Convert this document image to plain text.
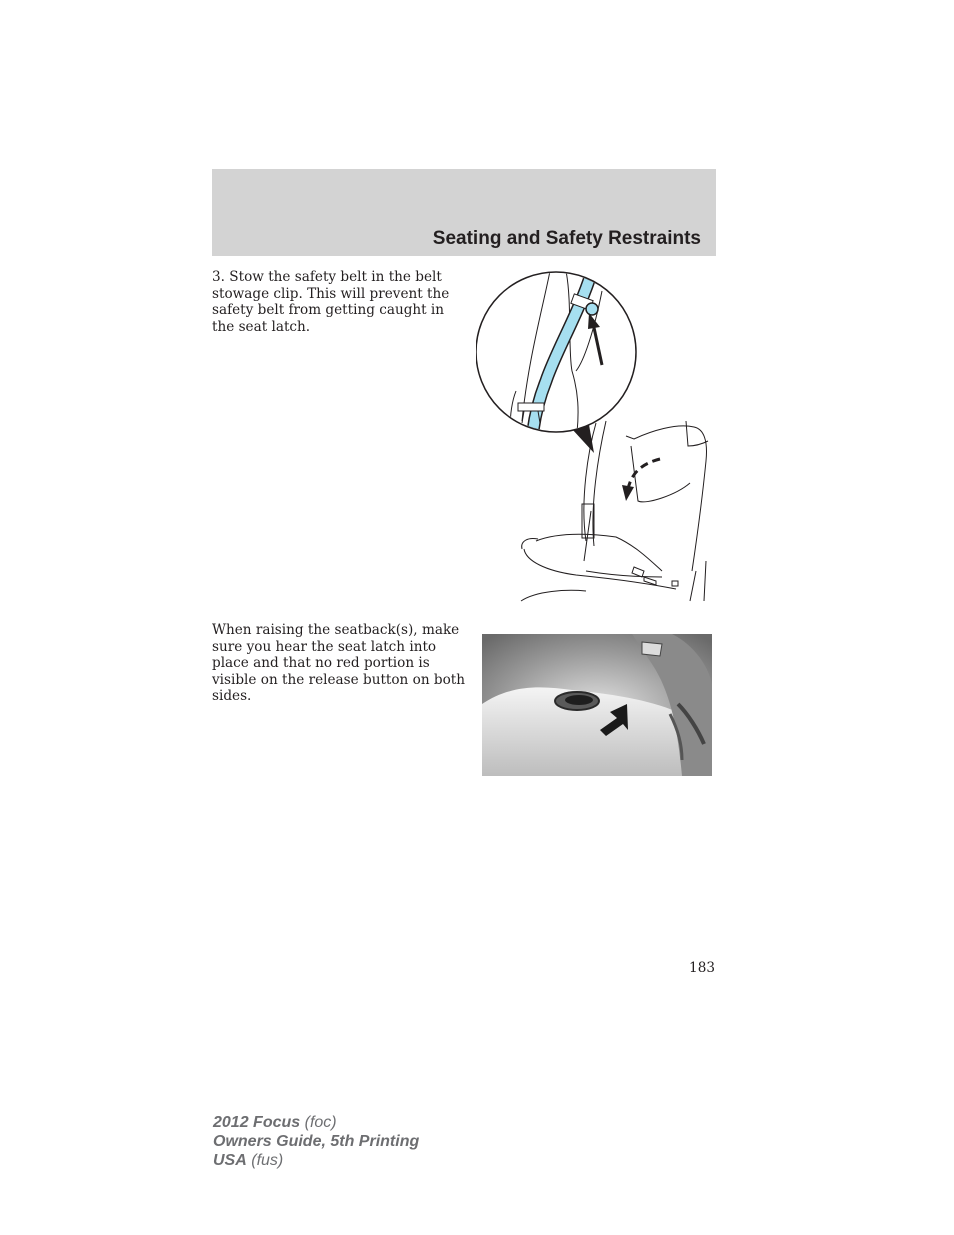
Seating and Safety Restraints

3. Stow the safety belt in the belt stowage clip. This will prevent the safety belt from getting caught in the seat latch.

When raising the seatback(s), make sure you hear the seat latch into place and that no red portion is visible on the release button on both sides.

183
2012 Focus (foc)
Owners Guide, 5th Printing
USA (fus)
